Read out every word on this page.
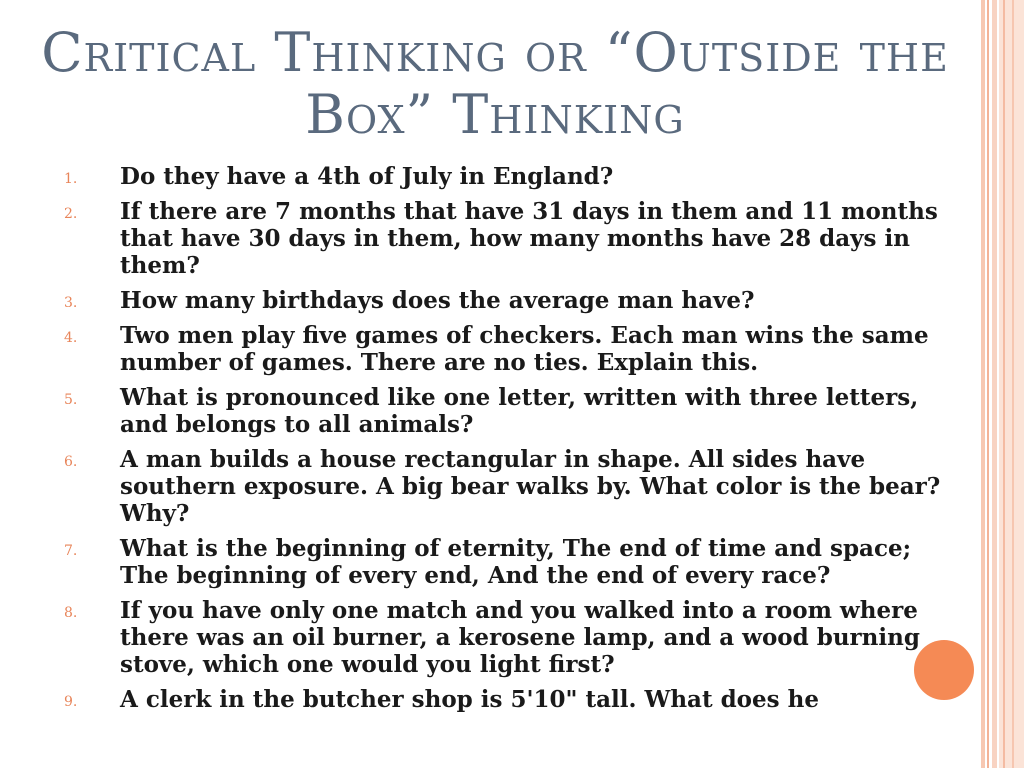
Critical Thinking or “Outside the Box” Thinking
1. Do they have a 4th of July in England?
2. If there are 7 months that have 31 days in them and 11 months that have 30 days in them, how many months have 28 days in them?
3. How many birthdays does the average man have?
4. Two men play five games of checkers. Each man wins the same number of games. There are no ties. Explain this.
5. What is pronounced like one letter, written with three letters, and belongs to all animals?
6. A man builds a house rectangular in shape. All sides have southern exposure. A big bear walks by. What color is the bear? Why?
7. What is the beginning of eternity, The end of time and space; The beginning of every end, And the end of every race?
8. If you have only one match and you walked into a room where there was an oil burner, a kerosene lamp, and a wood burning stove, which one would you light first?
9. A clerk in the butcher shop is 5'10" tall. What does he
